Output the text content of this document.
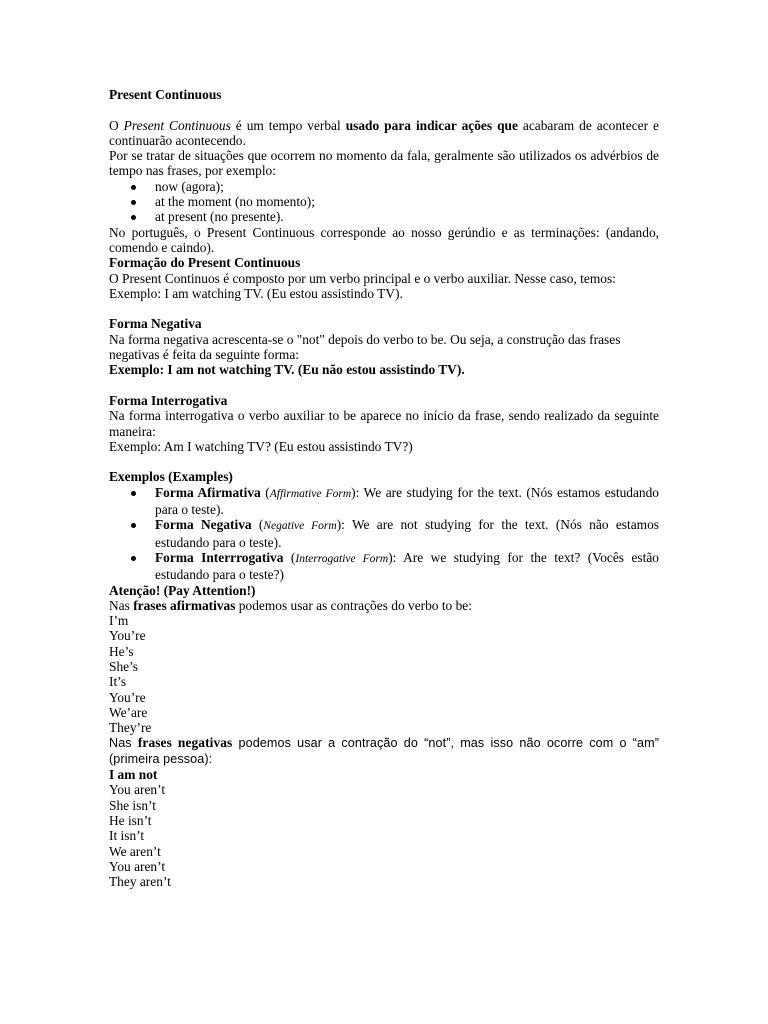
Present Continuous

O Present Continuous é um tempo verbal usado para indicar ações que acabaram de acontecer e continuarão acontecendo.

Por se tratar de situações que ocorrem no momento da fala, geralmente são utilizados os advérbios de tempo nas frases, por exemplo:

now (agora);
at the moment (no momento);
at present (no presente).

No português, o Present Continuous corresponde ao nosso gerúndio e as terminações: (andando, comendo e caindo).

Formação do Present Continuous

O Present Continuos é composto por um verbo principal e o verbo auxiliar. Nesse caso, temos:

Exemplo: I am watching TV. (Eu estou assistindo TV).

Forma Negativa

Na forma negativa acrescenta-se o "not" depois do verbo to be. Ou seja, a construção das frases negativas é feita da seguinte forma:

Exemplo: I am not watching TV. (Eu não estou assistindo TV).

Forma Interrogativa

Na forma interrogativa o verbo auxiliar to be aparece no início da frase, sendo realizado da seguinte maneira:

Exemplo: Am I watching TV? (Eu estou assistindo TV?)

Exemplos (Examples)

Forma Afirmativa (Affirmative Form): We are studying for the text. (Nós estamos estudando para o teste).
Forma Negativa (Negative Form): We are not studying for the text. (Nós não estamos estudando para o teste).
Forma Interrrogativa (Interrogative Form): Are we studying for the text? (Vocês estão estudando para o teste?)

Atenção! (Pay Attention!)

Nas frases afirmativas podemos usar as contrações do verbo to be:

I’m
You’re
He’s
She’s
It’s
You’re
We’are
They’re

Nas frases negativas podemos usar a contração do “not”, mas isso não ocorre com o “am” (primeira pessoa):

I am not

You aren’t
She isn’t
He isn’t
It isn’t
We aren’t
You aren’t
They aren’t
